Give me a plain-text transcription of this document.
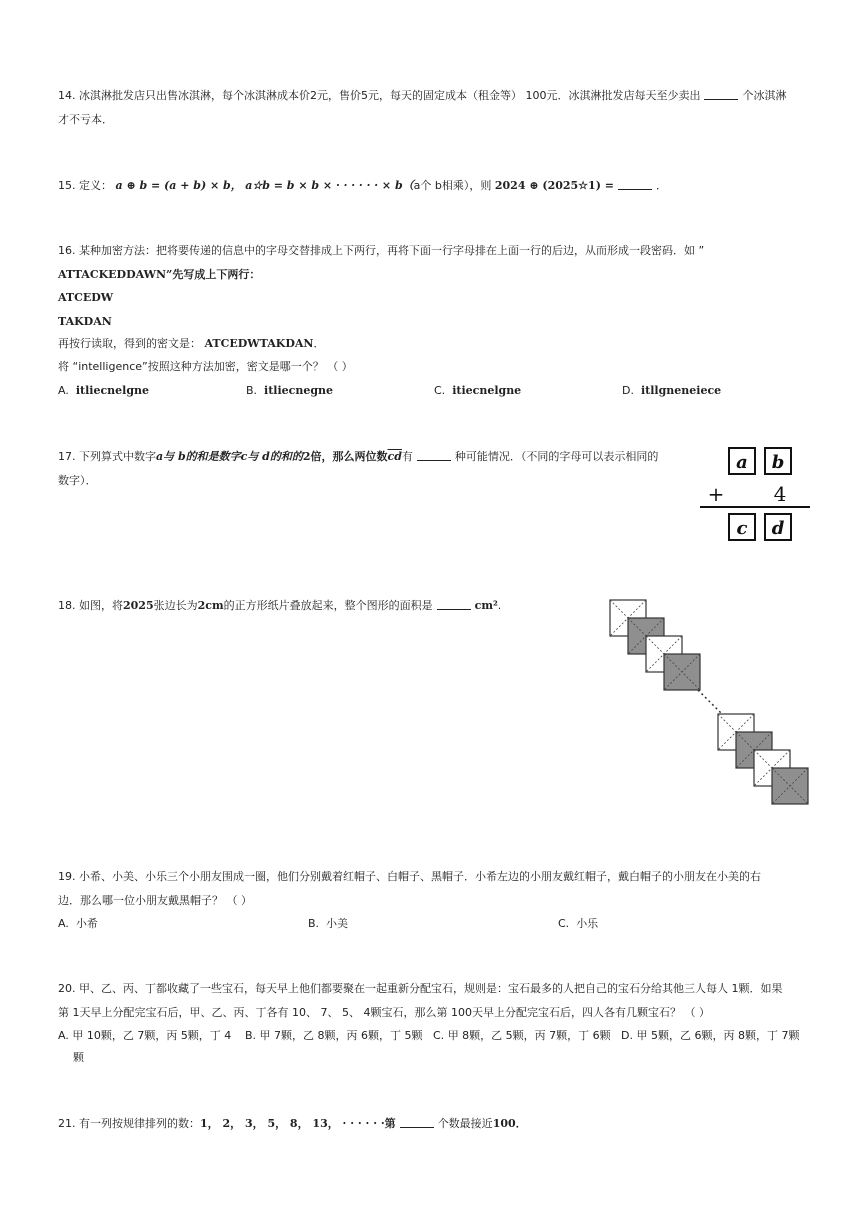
14. 冰淇淋批发店只出售冰淇淋，每个冰淇淋成本价2元，售价5元，每天的固定成本（租金等） 100元．冰淇淋批发店每天至少卖出	个冰淇淋
才不亏本．
15. 定义： a ⊕ b = (a + b) × b， a☆b = b × b × · · · · · · × b（a个 b相乘），则 2024 ⊕ (2025☆1) =	．
16. 某种加密方法：把将要传递的信息中的字母交替排成上下两行，再将下面一行字母排在上面一行的后边，从而形成一段密码．如 ”
ATTACKEDDAWN”先写成上下两行：
ATCEDW
TAKDAN
再按行读取，得到的密文是： ATCEDWTAKDAN．
将 “intelligence”按照这种方法加密，密文是哪一个？ （ ）
A. itliecnelgne	B. itliecnegne	C. itiecnelgne	D. itllgneneiece
17. 下列算式中数字a与 b的和是数字c与 d的和的2倍，那么两位数$\overline{cd}$有	种可能情况．（不同的字母可以表示相同的
数字）．
a b
+ 4
c d
18. 如图，将2025张边长为2cm的正方形纸片叠放起来，整个图形的面积是	cm².
19. 小希、小美、小乐三个小朋友围成一圈，他们分别戴着红帽子、白帽子、黑帽子．小希左边的小朋友戴红帽子，戴白帽子的小朋友在小美的右
边．那么哪一位小朋友戴黑帽子？ （ ）
A. 小希	B. 小美	C. 小乐
20. 甲、乙、丙、丁都收藏了一些宝石，每天早上他们都要聚在一起重新分配宝石，规则是：宝石最多的人把自己的宝石分给其他三人每人 1颗．如果
第 1天早上分配完宝石后，甲、乙、丙、丁各有 10、 7、 5、 4颗宝石，那么第 100天早上分配完宝石后，四人各有几颗宝石？ （ ）
A. 甲 10颗，乙 7颗，丙 5颗，丁 4
颗
B. 甲 7颗，乙 8颗，丙 6颗，丁 5颗 C. 甲 8颗，乙 5颗，丙 7颗，丁 6颗 D. 甲 5颗，乙 6颗，丙 8颗，丁 7颗
21. 有一列按规律排列的数：1， 2， 3， 5， 8， 13， · · · · · ·第	个数最接近100．
